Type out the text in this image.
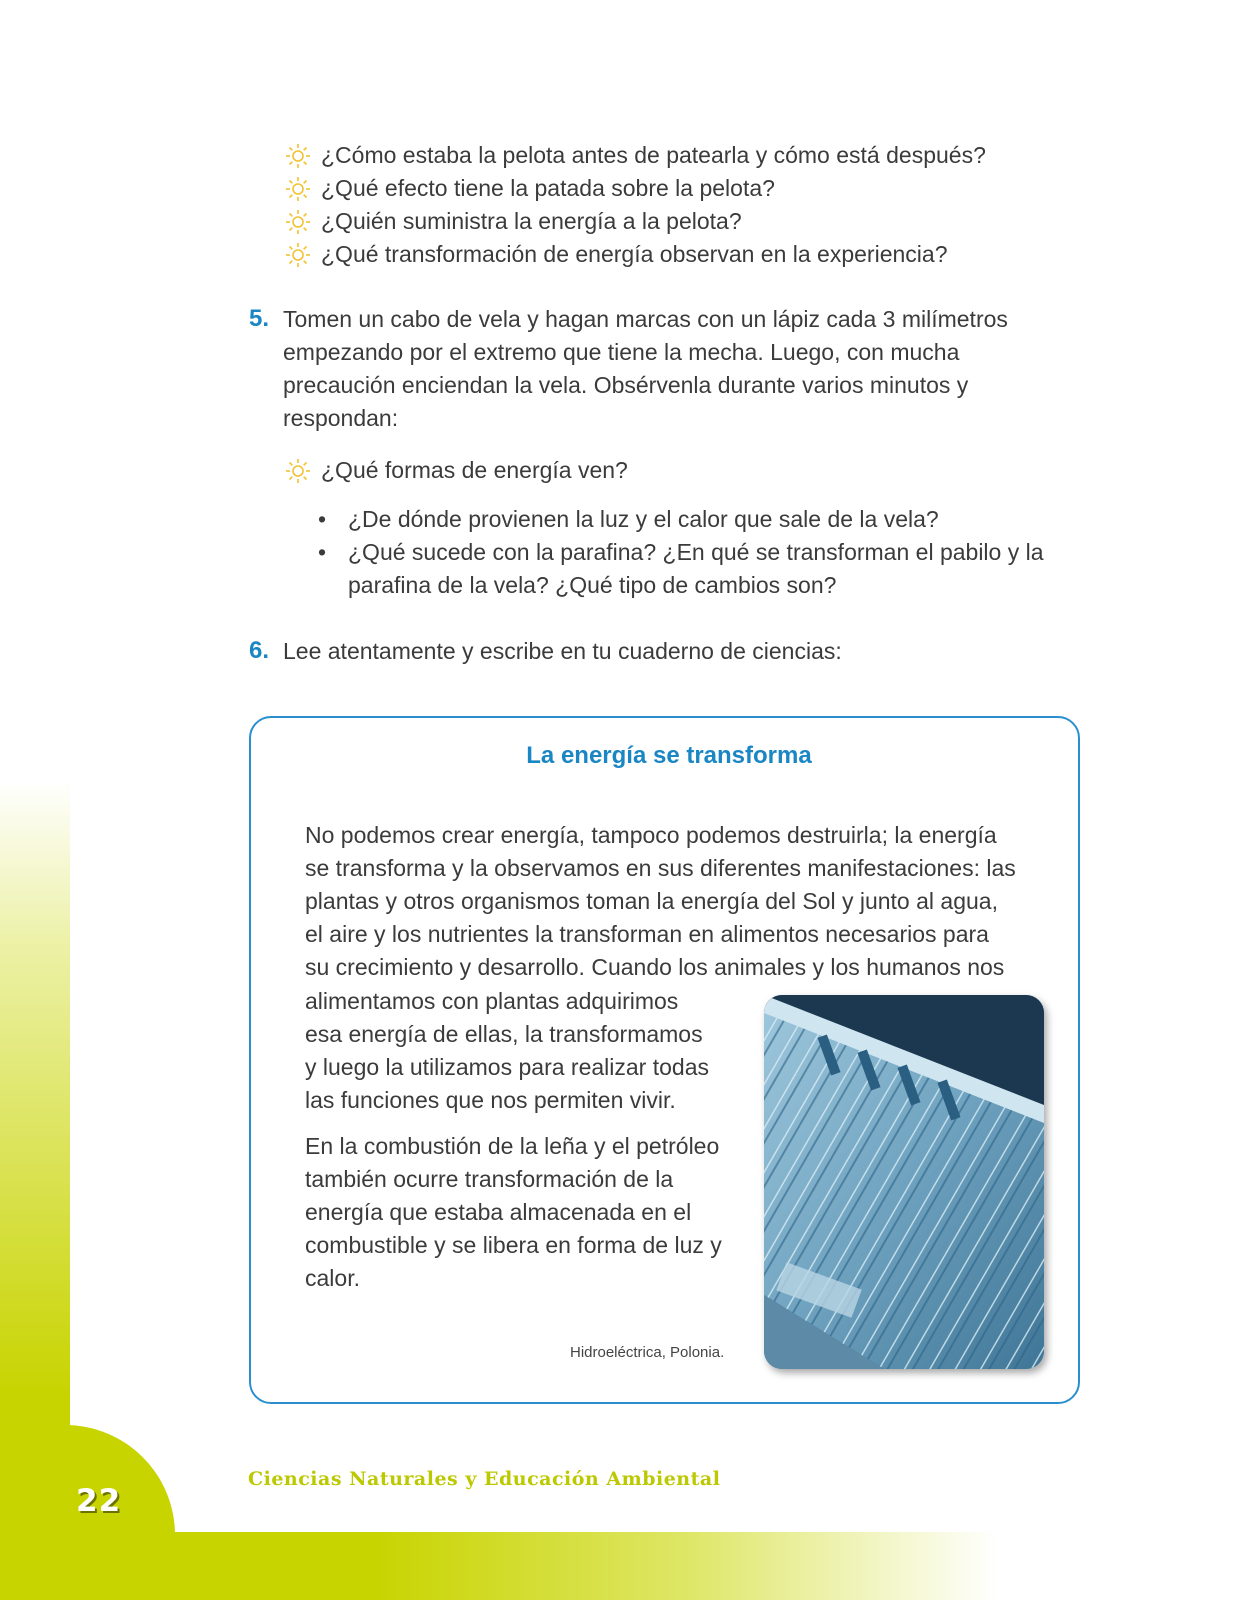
22
Ciencias Naturales y Educación Ambiental
¿Cómo estaba la pelota antes de patearla y cómo está después?
¿Qué efecto tiene la patada sobre la pelota?
¿Quién suministra la energía a la pelota?
¿Qué transformación de energía observan en la experiencia?
5. Tomen un cabo de vela y hagan marcas con un lápiz cada 3 milímetros
empezando por el extremo que tiene la mecha. Luego, con mucha
precaución enciendan la vela. Obsérvenla durante varios minutos y
respondan:
¿Qué formas de energía ven?
• ¿De dónde provienen la luz y el calor que sale de la vela?
• ¿Qué sucede con la parafina? ¿En qué se transforman el pabilo y la
parafina de la vela? ¿Qué tipo de cambios son?
6. Lee atentamente y escribe en tu cuaderno de ciencias:
La energía se transforma
No podemos crear energía, tampoco podemos destruirla; la energía
se transforma y la observamos en sus diferentes manifestaciones: las
plantas y otros organismos toman la energía del Sol y junto al agua,
el aire y los nutrientes la transforman en alimentos necesarios para
su crecimiento y desarrollo. Cuando los animales y los humanos nos
alimentamos con plantas adquirimos
esa energía de ellas, la transformamos
y luego la utilizamos para realizar todas
las funciones que nos permiten vivir.
En la combustión de la leña y el petróleo
también ocurre transformación de la
energía que estaba almacenada en el
combustible y se libera en forma de luz y
calor.
Hidroeléctrica, Polonia.
